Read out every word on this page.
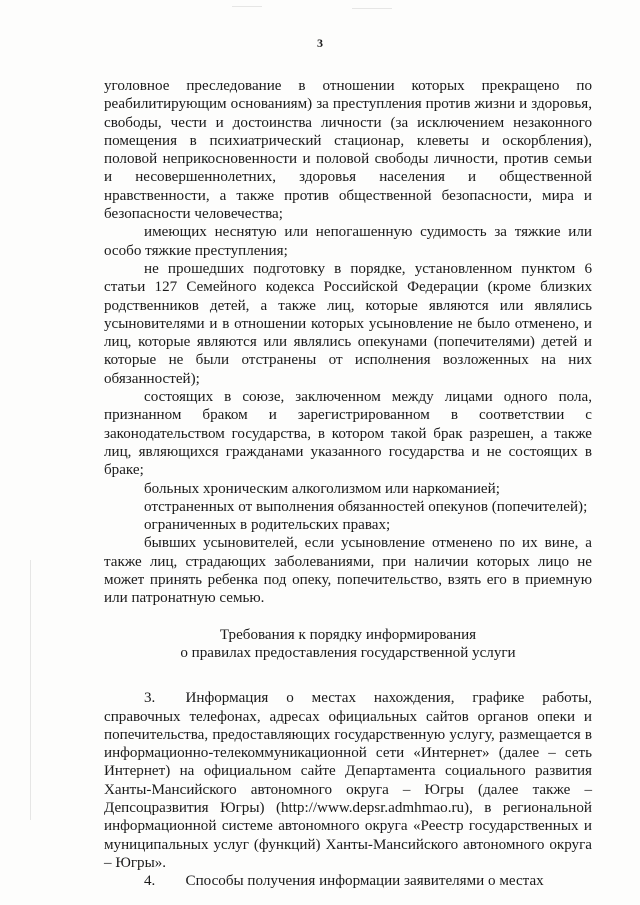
3

уголовное преследование в отношении которых прекращено по реабилитирующим основаниям) за преступления против жизни и здоровья, свободы, чести и достоинства личности (за исключением незаконного помещения в психиатрический стационар, клеветы и оскорбления), половой неприкосновенности и половой свободы личности, против семьи и несовершеннолетних, здоровья населения и общественной нравственности, а также против общественной безопасности, мира и безопасности человечества;

имеющих неснятую или непогашенную судимость за тяжкие или особо тяжкие преступления;

не прошедших подготовку в порядке, установленном пунктом 6 статьи 127 Семейного кодекса Российской Федерации (кроме близких родственников детей, а также лиц, которые являются или являлись усыновителями и в отношении которых усыновление не было отменено, и лиц, которые являются или являлись опекунами (попечителями) детей и которые не были отстранены от исполнения возложенных на них обязанностей);

состоящих в союзе, заключенном между лицами одного пола, признанном браком и зарегистрированном в соответствии с законодательством государства, в котором такой брак разрешен, а также лиц, являющихся гражданами указанного государства и не состоящих в браке;

больных хроническим алкоголизмом или наркоманией;

отстраненных от выполнения обязанностей опекунов (попечителей);

ограниченных в родительских правах;

бывших усыновителей, если усыновление отменено по их вине, а также лиц, страдающих заболеваниями, при наличии которых лицо не может принять ребенка под опеку, попечительство, взять его в приемную или патронатную семью.

Требования к порядку информирования

о правилах предоставления государственной услуги

3.  Информация о местах нахождения, графике работы, справочных телефонах, адресах официальных сайтов органов опеки и попечительства, предоставляющих государственную услугу, размещается в информационно-телекоммуникационной сети «Интернет» (далее – сеть Интернет) на официальном сайте Департамента социального развития Ханты-Мансийского автономного округа – Югры (далее также – Депсоцразвития Югры) (http://www.depsr.admhmao.ru), в региональной информационной системе автономного округа «Реестр государственных и муниципальных услуг (функций) Ханты-Мансийского автономного округа – Югры».

4.  Способы получения информации заявителями о местах
